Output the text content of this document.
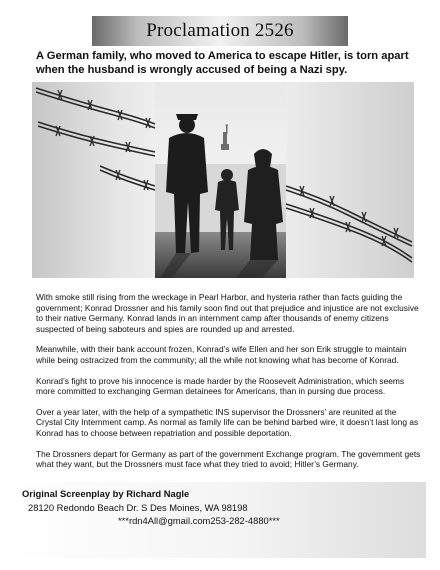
Proclamation 2526

A German family, who moved to America to escape Hitler, is torn apart when the husband is wrongly accused of being a Nazi spy.

With smoke still rising from the wreckage in Pearl Harbor, and hysteria rather than facts guiding the government; Konrad Drossner and his family soon find out that prejudice and injustice are not exclusive to their native Germany. Konrad lands in an internment camp after thousands of enemy citizens suspected of being saboteurs and spies are rounded up and arrested.

Meanwhile, with their bank account frozen, Konrad’s wife Ellen and her son Erik struggle to maintain while being ostracized from the community; all the while not knowing what has become of Konrad.

Konrad’s fight to prove his innocence is made harder by the Roosevelt Administration, which seems more committed to exchanging German detainees for Americans, than in pursing due process.

Over a year later, with the help of a sympathetic INS supervisor the Drossners’ are reunited at the Crystal City Internment camp. As normal as family life can be behind barbed wire, it doesn’t last long as Konrad has to choose between repatriation and possible deportation.

The Drossners depart for Germany as part of the government Exchange program. The government gets what they want, but the Drossners must face what they tried to avoid; Hitler’s Germany.

Original Screenplay by Richard Nagle
28120 Redondo Beach Dr. S Des Moines, WA 98198
***rdn4All@gmail.com253-282-4880***
